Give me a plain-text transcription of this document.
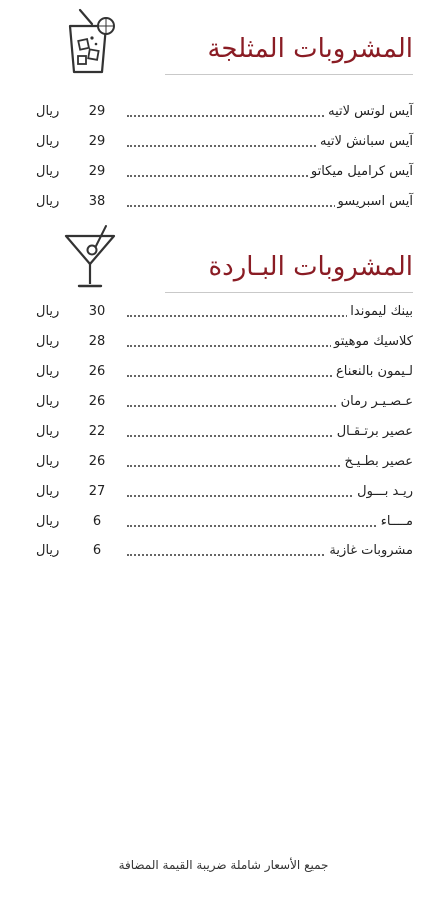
المشروبات المثلجة
آيس لوتس لاتيه
29
ريال
آيس سبانش لاتيه
29
ريال
آيس كراميل ميكاتو
29
ريال
آيس اسبريسو
38
ريال
المشروبات البـاردة
بينك ليموندا
30
ريال
كلاسيك موهيتو
28
ريال
لـيمون بالنعناع
26
ريال
عـصـيـر رمان
26
ريال
عصير برتـقـال
22
ريال
عصير بطـيـخ
26
ريال
ريـد بـــول
27
ريال
مــــاء
6
ريال
مشروبات غازية
6
ريال
جميع الأسعار شاملة ضريبة القيمة المضافة
